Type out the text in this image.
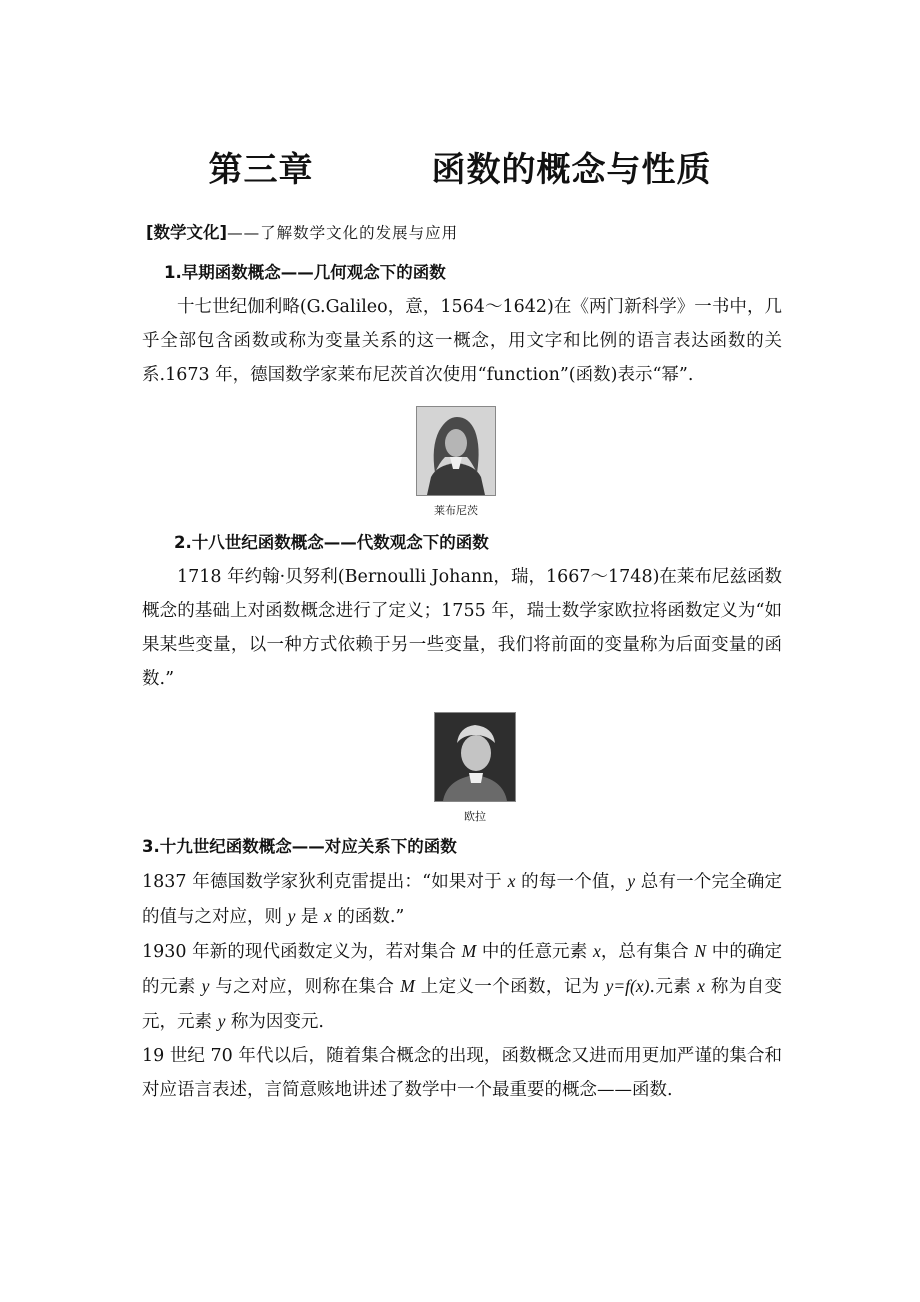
第三章	函数的概念与性质
[数学文化]——了解数学文化的发展与应用

1.早期函数概念——几何观念下的函数

十七世纪伽利略(G.Galileo，意，1564～1642)在《两门新科学》一书中，几乎全部包含函数或称为变量关系的这一概念，用文字和比例的语言表达函数的关系.1673 年，德国数学家莱布尼茨首次使用“function”(函数)表示“幂”.

莱布尼茨

2.十八世纪函数概念——代数观念下的函数

1718 年约翰·贝努利(Bernoulli Johann，瑞，1667～1748)在莱布尼兹函数概念的基础上对函数概念进行了定义；1755 年，瑞士数学家欧拉将函数定义为“如果某些变量，以一种方式依赖于另一些变量，我们将前面的变量称为后面变量的函数.”

欧拉

3.十九世纪函数概念——对应关系下的函数

1837 年德国数学家狄利克雷提出：“如果对于 x 的每一个值，y 总有一个完全确定的值与之对应，则 y 是 x 的函数.”

1930 年新的现代函数定义为，若对集合 M 中的任意元素 x，总有集合 N 中的确定的元素 y 与之对应，则称在集合 M 上定义一个函数，记为 y=f(x).元素 x 称为自变元，元素 y 称为因变元.

19 世纪 70 年代以后，随着集合概念的出现，函数概念又进而用更加严谨的集合和对应语言表述，言简意赅地讲述了数学中一个最重要的概念——函数.
